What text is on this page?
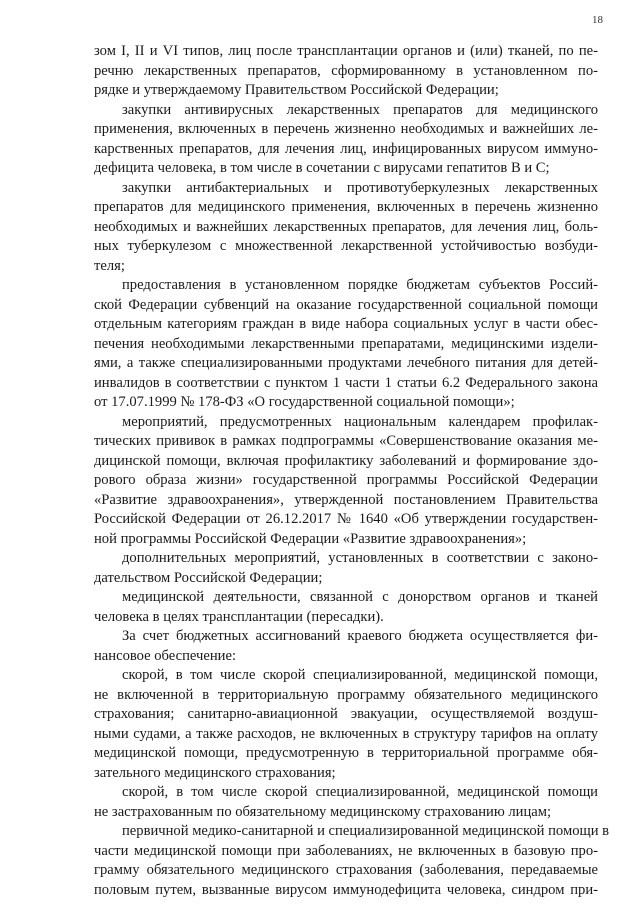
18
зом I, II и VI типов, лиц после трансплантации органов и (или) тканей, по пе-
речню лекарственных препаратов, сформированному в установленном по-
рядке и утверждаемому Правительством Российской Федерации;
закупки антивирусных лекарственных препаратов для медицинского
применения, включенных в перечень жизненно необходимых и важнейших ле-
карственных препаратов, для лечения лиц, инфицированных вирусом иммуно-
дефицита человека, в том числе в сочетании с вирусами гепатитов B и C;
закупки антибактериальных и противотуберкулезных лекарственных
препаратов для медицинского применения, включенных в перечень жизненно
необходимых и важнейших лекарственных препаратов, для лечения лиц, боль-
ных туберкулезом с множественной лекарственной устойчивостью возбуди-
теля;
предоставления в установленном порядке бюджетам субъектов Россий-
ской Федерации субвенций на оказание государственной социальной помощи
отдельным категориям граждан в виде набора социальных услуг в части обес-
печения необходимыми лекарственными препаратами, медицинскими издели-
ями, а также специализированными продуктами лечебного питания для детей-
инвалидов в соответствии с пунктом 1 части 1 статьи 6.2 Федерального закона
от 17.07.1999 № 178-ФЗ «О государственной социальной помощи»;
мероприятий, предусмотренных национальным календарем профилак-
тических прививок в рамках подпрограммы «Совершенствование оказания ме-
дицинской помощи, включая профилактику заболеваний и формирование здо-
рового образа жизни» государственной программы Российской Федерации
«Развитие здравоохранения», утвержденной постановлением Правительства
Российской Федерации от 26.12.2017 № 1640 «Об утверждении государствен-
ной программы Российской Федерации «Развитие здравоохранения»;
дополнительных мероприятий, установленных в соответствии с законо-
дательством Российской Федерации;
медицинской деятельности, связанной с донорством органов и тканей
человека в целях трансплантации (пересадки).
За счет бюджетных ассигнований краевого бюджета осуществляется фи-
нансовое обеспечение:
скорой, в том числе скорой специализированной, медицинской помощи,
не включенной в территориальную программу обязательного медицинского
страхования; санитарно-авиационной эвакуации, осуществляемой воздуш-
ными судами, а также расходов, не включенных в структуру тарифов на оплату
медицинской помощи, предусмотренную в территориальной программе обя-
зательного медицинского страхования;
скорой, в том числе скорой специализированной, медицинской помощи
не застрахованным по обязательному медицинскому страхованию лицам;
первичной медико-санитарной и специализированной медицинской помощи в
части медицинской помощи при заболеваниях, не включенных в базовую про-
грамму обязательного медицинского страхования (заболевания, передаваемые
половым путем, вызванные вирусом иммунодефицита человека, синдром при-
